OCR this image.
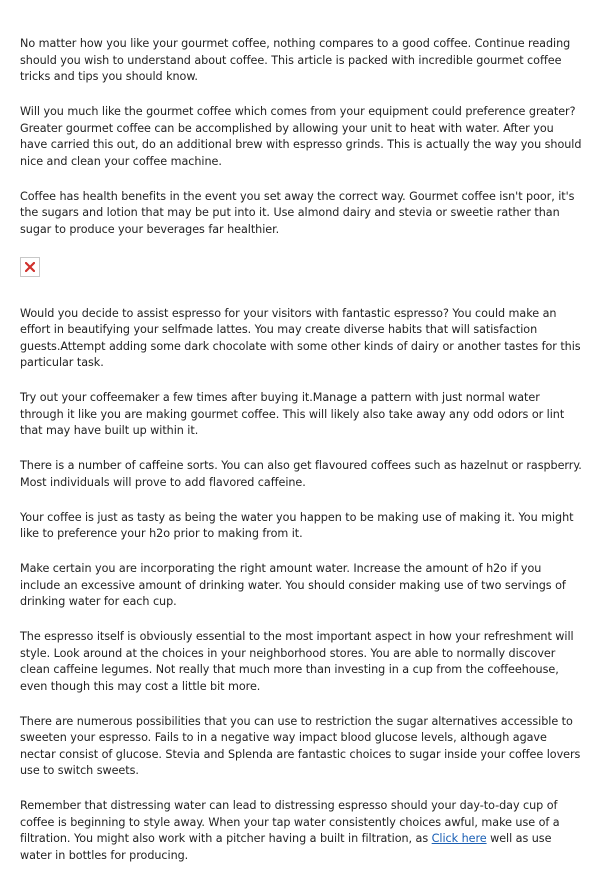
No matter how you like your gourmet coffee, nothing compares to a good coffee. Continue reading should you wish to understand about coffee. This article is packed with incredible gourmet coffee tricks and tips you should know.

Will you much like the gourmet coffee which comes from your equipment could preference greater? Greater gourmet coffee can be accomplished by allowing your unit to heat with water. After you have carried this out, do an additional brew with espresso grinds. This is actually the way you should nice and clean your coffee machine.

Coffee has health benefits in the event you set away the correct way. Gourmet coffee isn't poor, it's the sugars and lotion that may be put into it. Use almond dairy and stevia or sweetie rather than sugar to produce your beverages far healthier.

Would you decide to assist espresso for your visitors with fantastic espresso? You could make an effort in beautifying your selfmade lattes. You may create diverse habits that will satisfaction guests.Attempt adding some dark chocolate with some other kinds of dairy or another tastes for this particular task.

Try out your coffeemaker a few times after buying it.Manage a pattern with just normal water through it like you are making gourmet coffee. This will likely also take away any odd odors or lint that may have built up within it.

There is a number of caffeine sorts. You can also get flavoured coffees such as hazelnut or raspberry. Most individuals will prove to add flavored caffeine.

Your coffee is just as tasty as being the water you happen to be making use of making it. You might like to preference your h2o prior to making from it.

Make certain you are incorporating the right amount water. Increase the amount of h2o if you include an excessive amount of drinking water. You should consider making use of two servings of drinking water for each cup.

The espresso itself is obviously essential to the most important aspect in how your refreshment will style. Look around at the choices in your neighborhood stores. You are able to normally discover clean caffeine legumes. Not really that much more than investing in a cup from the coffeehouse, even though this may cost a little bit more.

There are numerous possibilities that you can use to restriction the sugar alternatives accessible to sweeten your espresso. Fails to in a negative way impact blood glucose levels, although agave nectar consist of glucose. Stevia and Splenda are fantastic choices to sugar inside your coffee lovers use to switch sweets.

Remember that distressing water can lead to distressing espresso should your day-to-day cup of coffee is beginning to style away. When your tap water consistently choices awful, make use of a filtration. You might also work with a pitcher having a built in filtration, as Click here well as use water in bottles for producing.
